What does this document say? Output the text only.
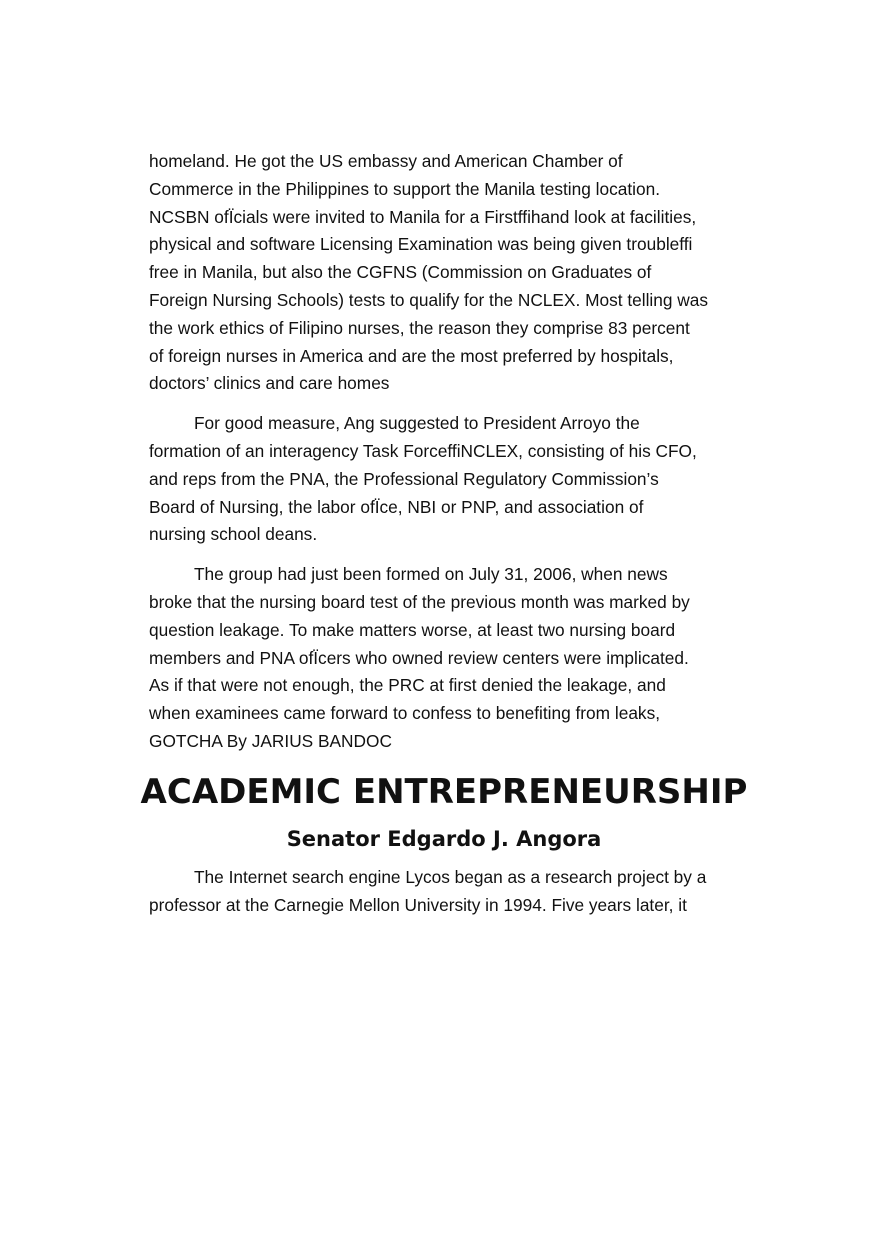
homeland. He got the US embassy and American Chamber of
Commerce in the Philippines to support the Manila testing location.
NCSBN ofÏcials were invited to Manila for a Firstffihand look at facilities,
physical and software Licensing Examination was being given troubleffi
free in Manila, but also the CGFNS (Commission on Graduates of
Foreign Nursing Schools) tests to qualify for the NCLEX. Most telling was
the work ethics of Filipino nurses, the reason they comprise 83 percent
of foreign nurses in America and are the most preferred by hospitals,
doctors’ clinics and care homes

For good measure, Ang suggested to President Arroyo the
formation of an interagency Task ForceffiNCLEX, consisting of his CFO,
and reps from the PNA, the Professional Regulatory Commission’s
Board of Nursing, the labor ofÏce, NBI or PNP, and association of
nursing school deans.

The group had just been formed on July 31, 2006, when news
broke that the nursing board test of the previous month was marked by
question leakage. To make matters worse, at least two nursing board
members and PNA ofÏcers who owned review centers were implicated.
As if that were not enough, the PRC at first denied the leakage, and
when examinees came forward to confess to benefiting from leaks,
GOTCHA By JARIUS BANDOC

ACADEMIC ENTREPRENEURSHIP
Senator Edgardo J. Angora

The Internet search engine Lycos began as a research project by a
professor at the Carnegie Mellon University in 1994. Five years later, it
